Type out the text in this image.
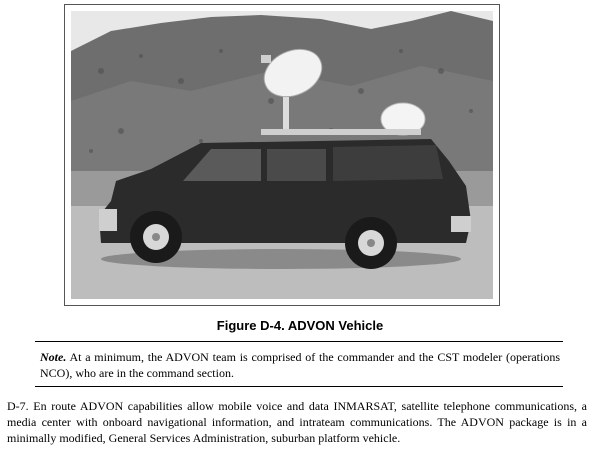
Figure D-4. ADVON Vehicle
Note. At a minimum, the ADVON team is comprised of the commander and the CST modeler (operations NCO), who are in the command section.
D-7. En route ADVON capabilities allow mobile voice and data INMARSAT, satellite telephone communications, a media center with onboard navigational information, and intrateam communications. The ADVON package is in a minimally modified, General Services Administration, suburban platform vehicle.
